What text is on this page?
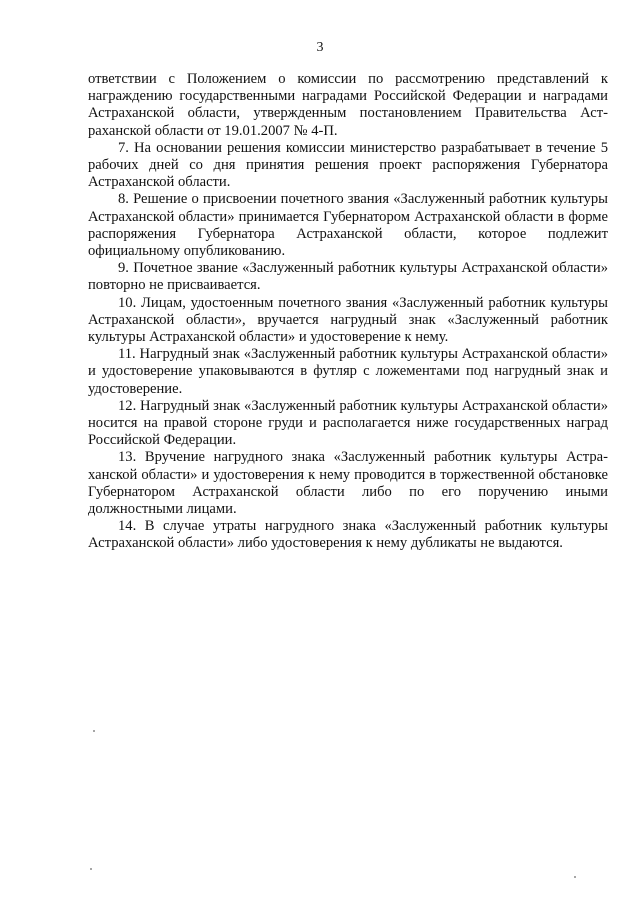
3

ответствии с Положением о комиссии по рассмотрению представлений к награждению государственными наградами Российской Федерации и наградами Астраханской области, утвержденным постановлением Правительства Астраханской области от 19.01.2007 № 4-П.

7. На основании решения комиссии министерство разрабатывает в течение 5 рабочих дней со дня принятия решения проект распоряжения Губернатора Астраханской области.

8. Решение о присвоении почетного звания «Заслуженный работник культуры Астраханской области» принимается Губернатором Астраханской области в форме распоряжения Губернатора Астраханской области, которое подлежит официальному опубликованию.

9. Почетное звание «Заслуженный работник культуры Астраханской области» повторно не присваивается.

10. Лицам, удостоенным почетного звания «Заслуженный работник культуры Астраханской области», вручается нагрудный знак «Заслуженный работник культуры Астраханской области» и удостоверение к нему.

11. Нагрудный знак «Заслуженный работник культуры Астраханской области» и удостоверение упаковываются в футляр с ложементами под нагрудный знак и удостоверение.

12. Нагрудный знак «Заслуженный работник культуры Астраханской области» носится на правой стороне груди и располагается ниже государственных наград Российской Федерации.

13. Вручение нагрудного знака «Заслуженный работник культуры Астраханской области» и удостоверения к нему проводится в торжественной обстановке Губернатором Астраханской области либо по его поручению иными должностными лицами.

14. В случае утраты нагрудного знака «Заслуженный работник культуры Астраханской области» либо удостоверения к нему дубликаты не выдаются.
